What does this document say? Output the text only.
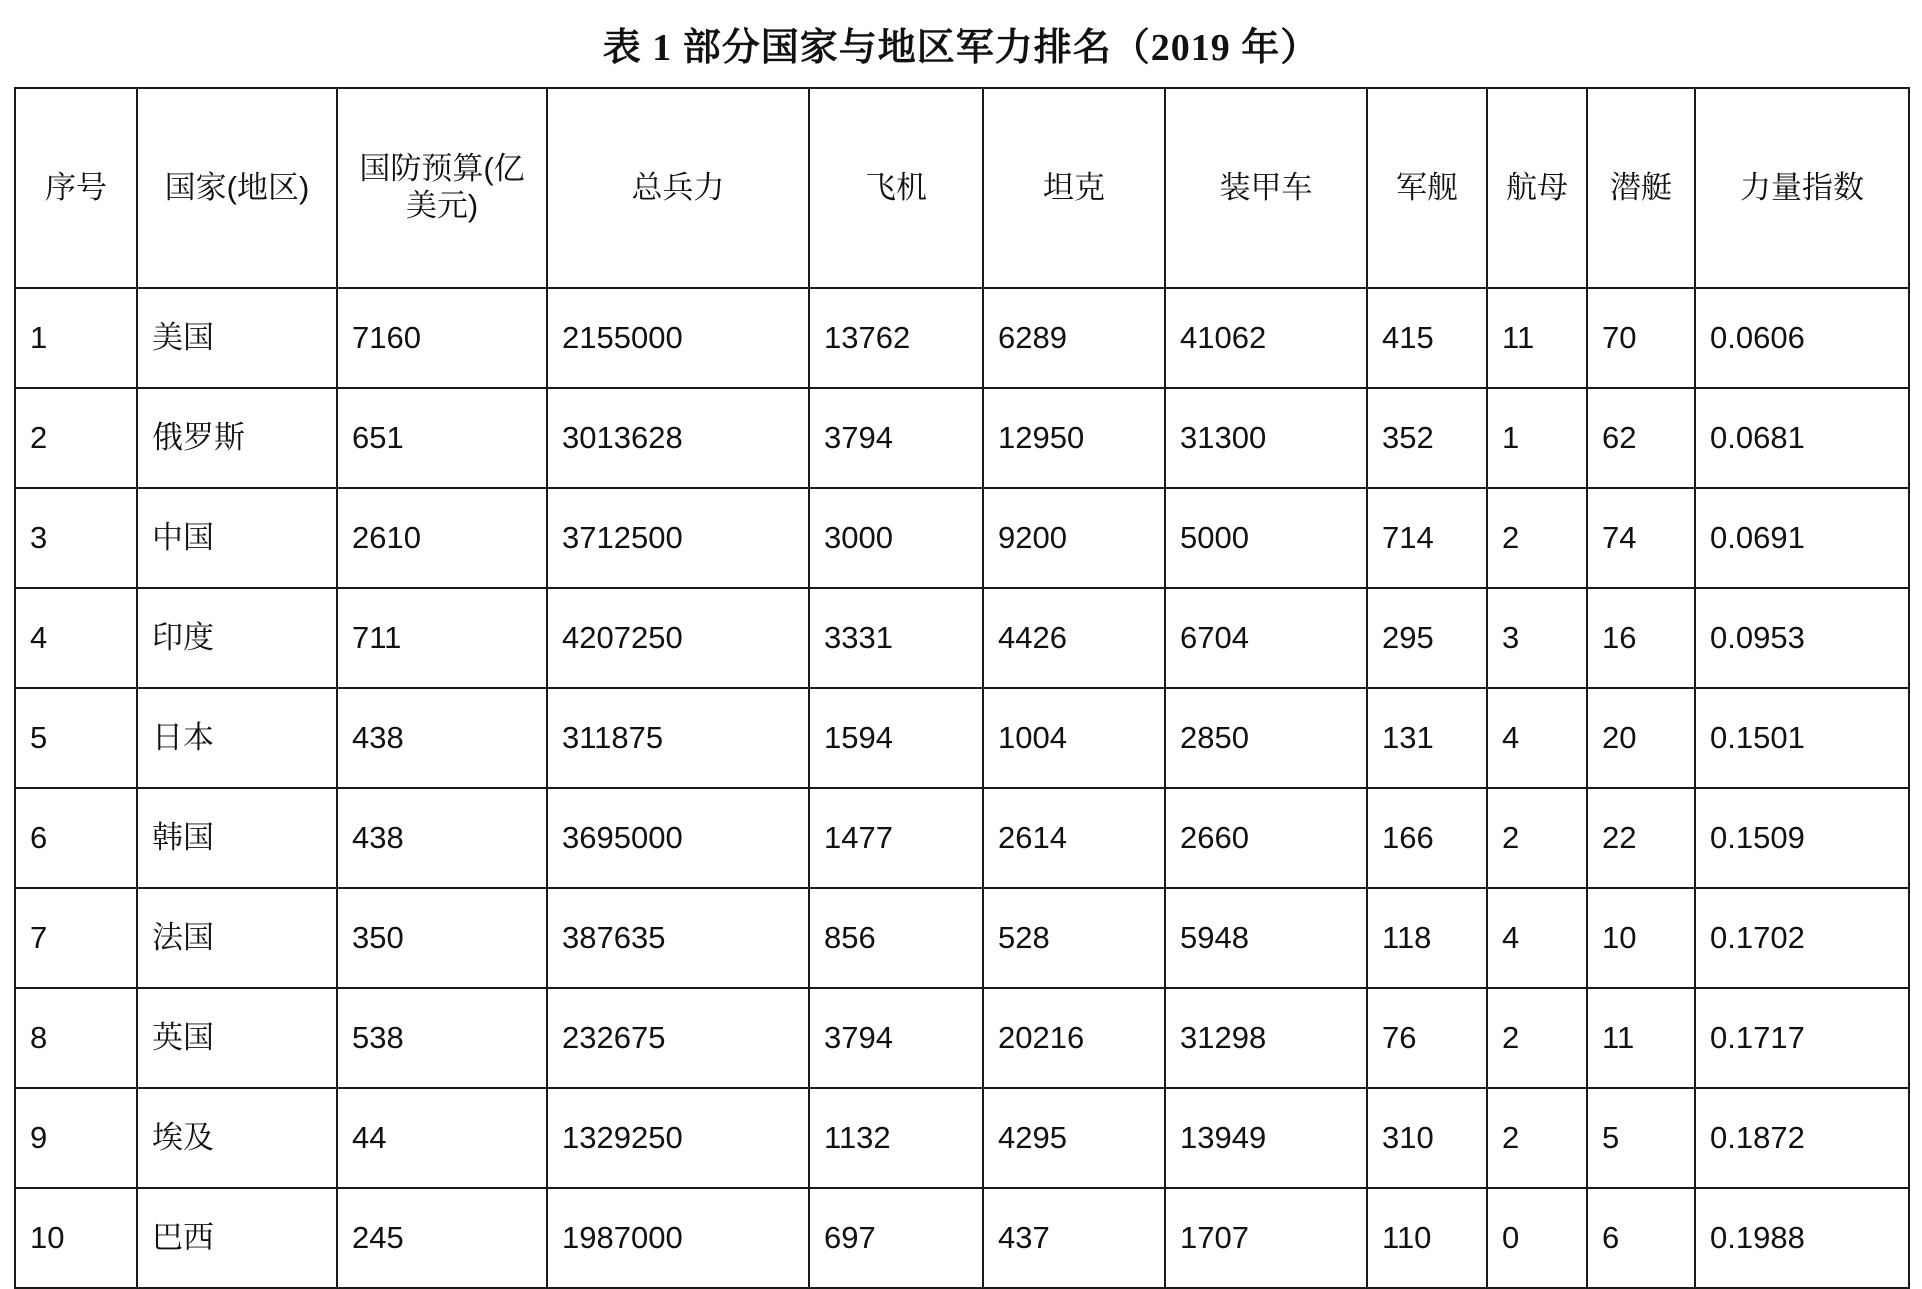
表 1 部分国家与地区军力排名（2019 年）
序号	国家(地区)	国防预算(亿美元)	总兵力	飞机	坦克	装甲车	军舰	航母	潜艇	力量指数
1	美国	7160	2155000	13762	6289	41062	415	11	70	0.0606
2	俄罗斯	651	3013628	3794	12950	31300	352	1	62	0.0681
3	中国	2610	3712500	3000	9200	5000	714	2	74	0.0691
4	印度	711	4207250	3331	4426	6704	295	3	16	0.0953
5	日本	438	311875	1594	1004	2850	131	4	20	0.1501
6	韩国	438	3695000	1477	2614	2660	166	2	22	0.1509
7	法国	350	387635	856	528	5948	118	4	10	0.1702
8	英国	538	232675	3794	20216	31298	76	2	11	0.1717
9	埃及	44	1329250	1132	4295	13949	310	2	5	0.1872
10	巴西	245	1987000	697	437	1707	110	0	6	0.1988
